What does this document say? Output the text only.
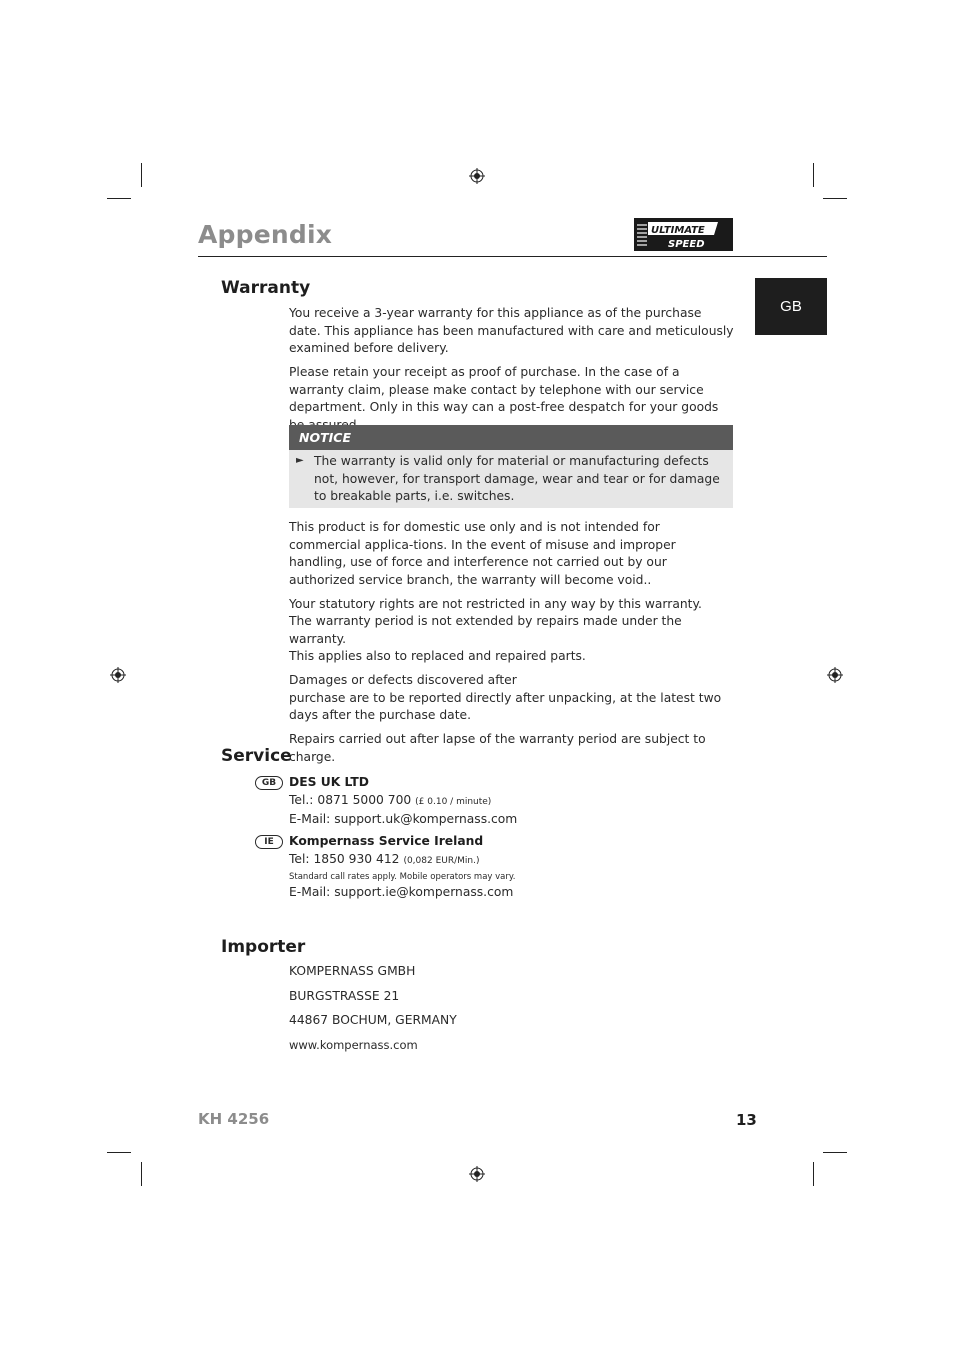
Appendix	ULTIMATE
SPEED
GB
Warranty

You receive a 3-year warranty for this appliance as of the purchase date. This appliance has been manufactured with care and meticulously examined before delivery.

Please retain your receipt as proof of purchase. In the case of a warranty claim, please make contact by telephone with our service department. Only in this way can a post-free despatch for your goods

NOTICE
The warranty is valid only for material or manufacturing defects not, however, for transport damage, wear and tear or for damage to breakable parts, i.e. switches.
►

This product is for domestic use only and is not intended for commercial applica-tions. In the event of misuse and improper handling, use of force and interference not carried out by our authorized service branch, the warranty will become void..

Your statutory rights are not restricted in any way by this warranty.

The warranty period is not extended by repairs made under the warranty.

This applies also to replaced and repaired parts.

Damages or defects discovered after

purchase are to be reported directly after unpacking, at the latest two days after the purchase date.

Repairs carried out after lapse of the warranty period are subject to charge.

Service
GB	DES UK LTD
Tel.: 0871 5000 700 (£ 0.10 / minute)
E-Mail: support.uk@kompernass.com
IE	Kompernass Service Ireland
Tel: 1850 930 412 (0,082 EUR/Min.)
Standard call rates apply. Mobile operators may vary.
E-Mail: support.ie@kompernass.com
Importer
KOMPERNASS GMBH
BURGSTRASSE 21
44867 BOCHUM, GERMANY
www.kompernass.com
KH 4256	13
